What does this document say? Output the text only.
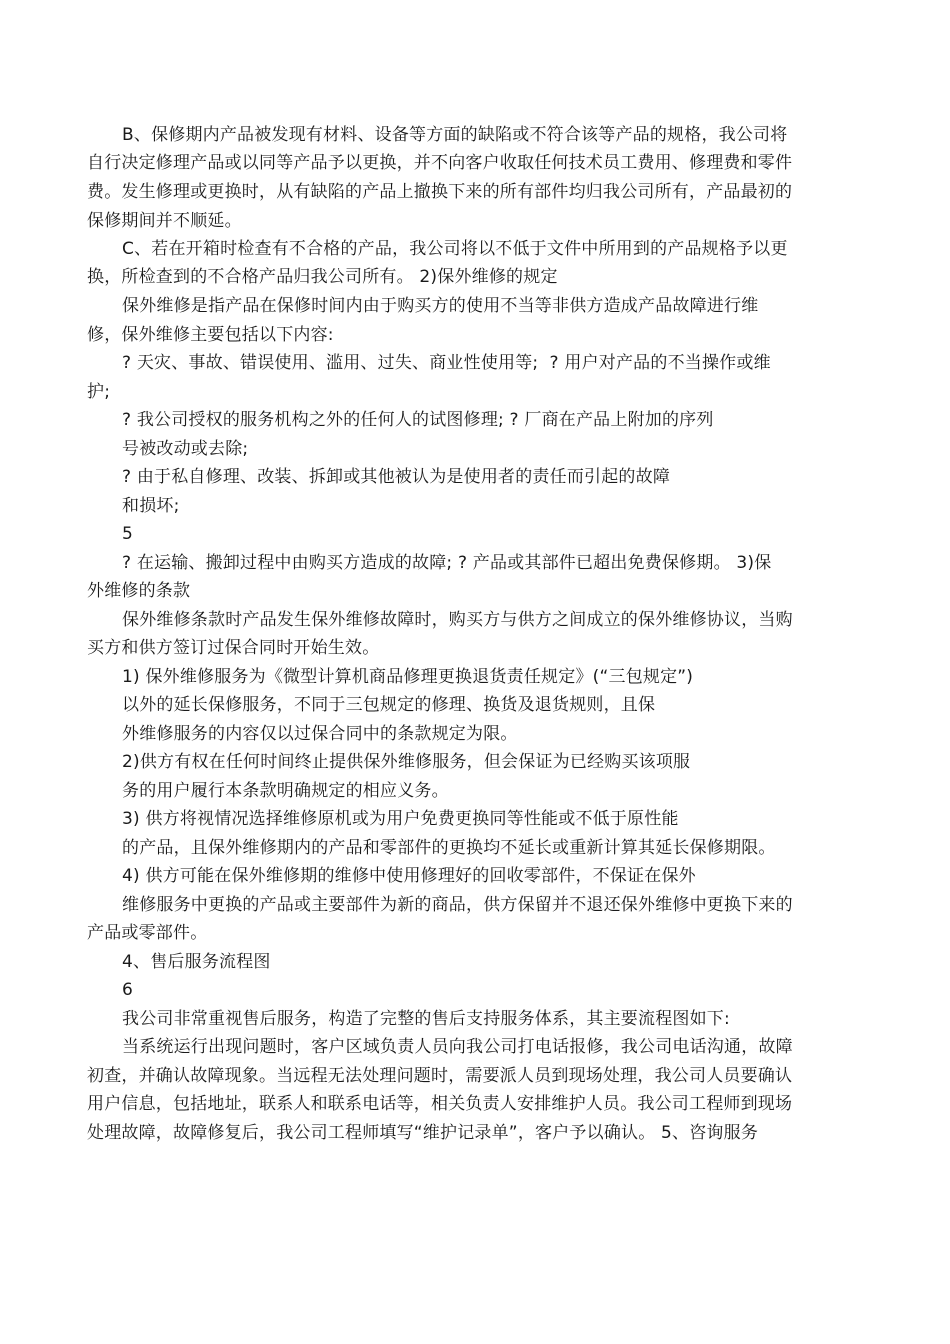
B、保修期内产品被发现有材料、设备等方面的缺陷或不符合该等产品的规格，我公司将
自行决定修理产品或以同等产品予以更换，并不向客户收取任何技术员工费用、修理费和零件
费。发生修理或更换时，从有缺陷的产品上撤换下来的所有部件均归我公司所有，产品最初的
保修期间并不顺延。
C、若在开箱时检查有不合格的产品，我公司将以不低于文件中所用到的产品规格予以更
换，所检查到的不合格产品归我公司所有。 2)保外维修的规定
保外维修是指产品在保修时间内由于购买方的使用不当等非供方造成产品故障进行维
修，保外维修主要包括以下内容:
? 天灾、事故、错误使用、滥用、过失、商业性使用等;  ? 用户对产品的不当操作或维
护;
? 我公司授权的服务机构之外的任何人的试图修理; ? 厂商在产品上附加的序列
号被改动或去除;
? 由于私自修理、改装、拆卸或其他被认为是使用者的责任而引起的故障
和损坏;
5
? 在运输、搬卸过程中由购买方造成的故障; ? 产品或其部件已超出免费保修期。 3)保
外维修的条款
保外维修条款时产品发生保外维修故障时，购买方与供方之间成立的保外维修协议，当购
买方和供方签订过保合同时开始生效。
1) 保外维修服务为《微型计算机商品修理更换退货责任规定》(“三包规定”)
以外的延长保修服务，不同于三包规定的修理、换货及退货规则，且保
外维修服务的内容仅以过保合同中的条款规定为限。
2)供方有权在任何时间终止提供保外维修服务，但会保证为已经购买该项服
务的用户履行本条款明确规定的相应义务。
3) 供方将视情况选择维修原机或为用户免费更换同等性能或不低于原性能
的产品，且保外维修期内的产品和零部件的更换均不延长或重新计算其延长保修期限。
4) 供方可能在保外维修期的维修中使用修理好的回收零部件，不保证在保外
维修服务中更换的产品或主要部件为新的商品，供方保留并不退还保外维修中更换下来的
产品或零部件。
4、售后服务流程图
6
我公司非常重视售后服务，构造了完整的售后支持服务体系，其主要流程图如下:
当系统运行出现问题时，客户区域负责人员向我公司打电话报修，我公司电话沟通，故障
初查，并确认故障现象。当远程无法处理问题时，需要派人员到现场处理，我公司人员要确认
用户信息，包括地址，联系人和联系电话等，相关负责人安排维护人员。我公司工程师到现场
处理故障，故障修复后，我公司工程师填写“维护记录单”，客户予以确认。 5、咨询服务
